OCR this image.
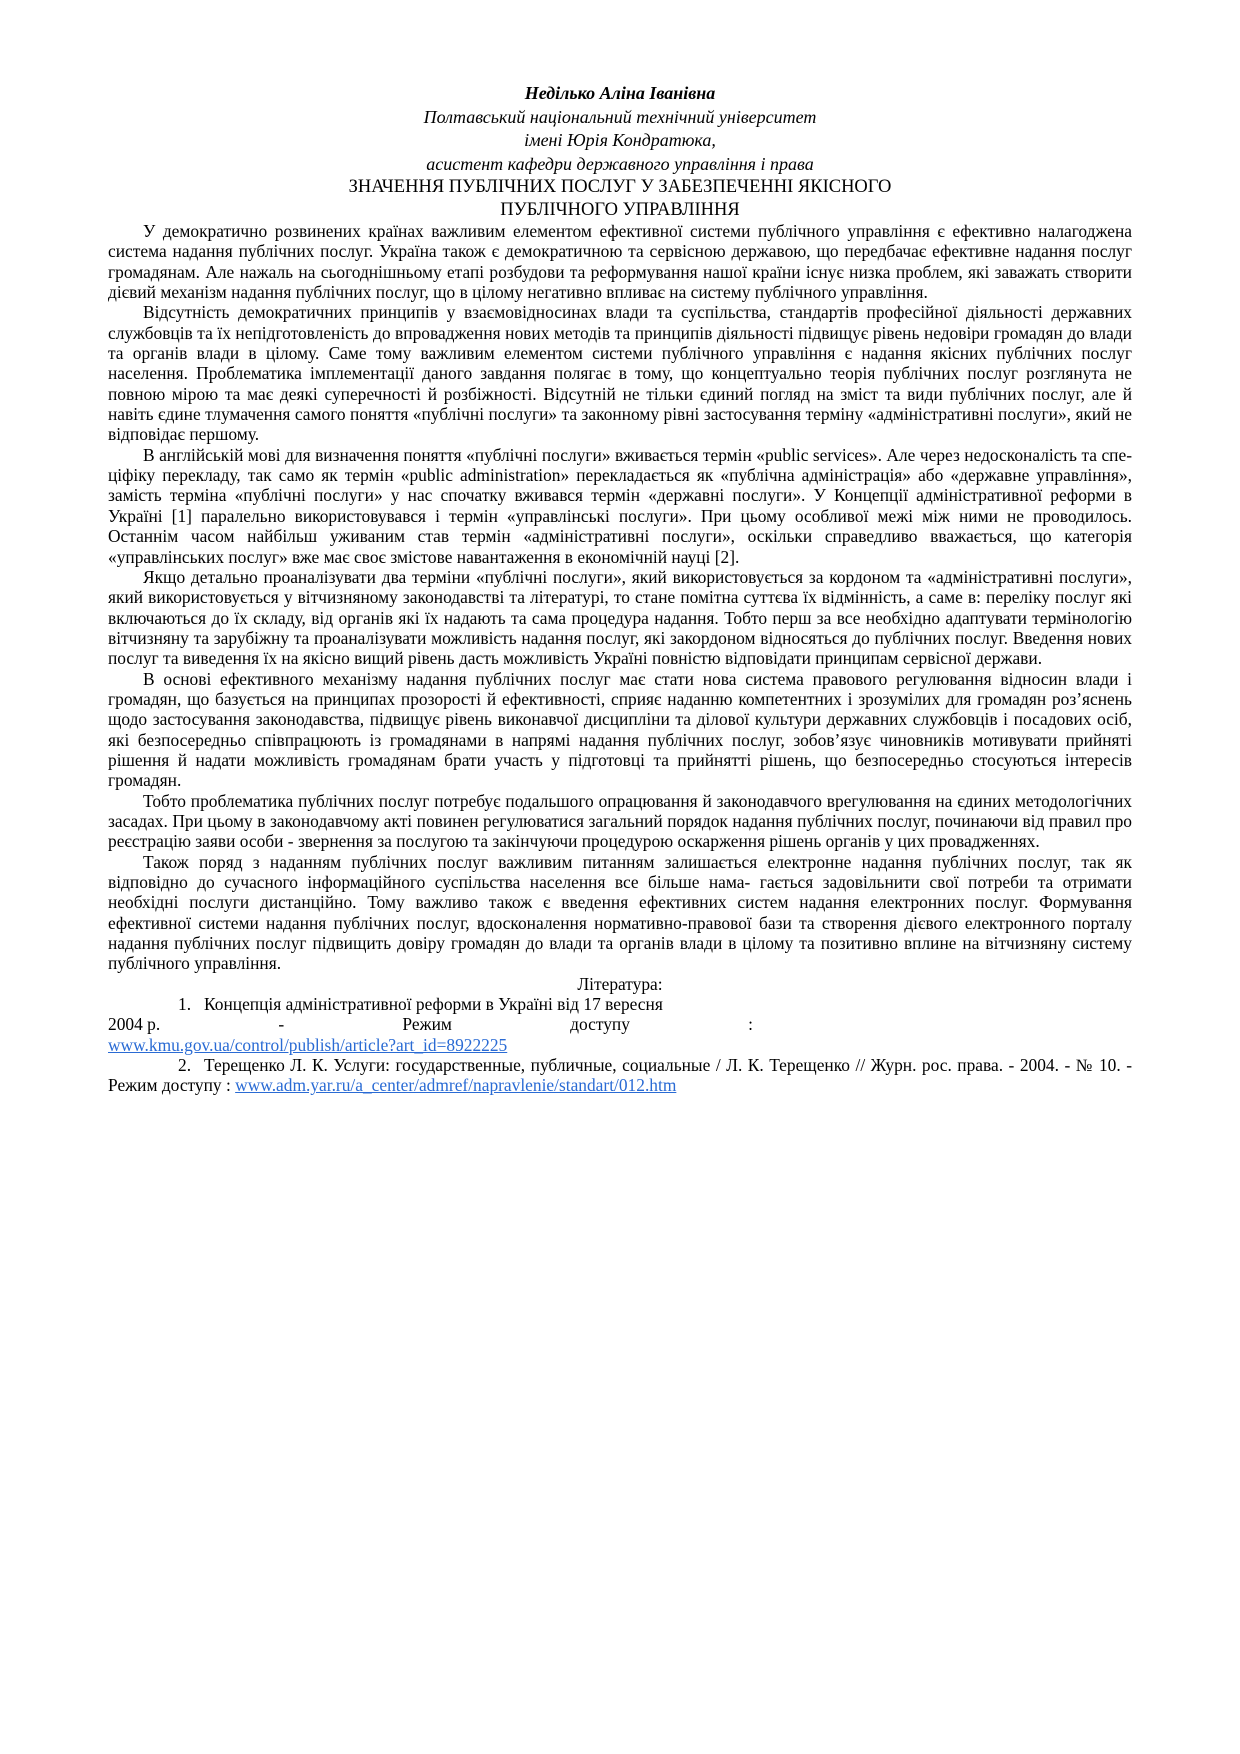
Неділько Аліна Іванівна

Полтавський національний технічний університет

імені Юрія Кондратюка,

асистент кафедри державного управління і права

ЗНАЧЕННЯ ПУБЛІЧНИХ ПОСЛУГ У ЗАБЕЗПЕЧЕННІ ЯКІСНОГО
ПУБЛІЧНОГО УПРАВЛІННЯ

У демократично розвинених країнах важливим елементом ефективної системи публічного управління є ефективно налагоджена система надання публічних послуг. Україна також є демократичною та сервісною державою, що передбачає ефективне надання послуг громадянам. Але нажаль на сьогоднішньому етапі розбудови та реформування нашої країни існує низка проблем, які заважать створити дієвий механізм надання публічних послуг, що в цілому негативно впливає на систему публічного управління.

Відсутність демократичних принципів у взаємовідносинах влади та суспільства, стандартів професійної діяльності державних службовців та їх непідготовленість до впровадження нових методів та принципів діяльності підвищує рівень недовіри громадян до влади та органів влади в цілому. Саме тому важливим елементом системи публічного управління є надання якісних публічних послуг населення. Проблематика імплементації даного завдання полягає в тому, що концептуально теорія публічних послуг розглянута не повною мірою та має деякі суперечності й розбіжності. Відсутній не тільки єдиний погляд на зміст та види публічних послуг, але й навіть єдине тлумачення самого поняття «публічні послуги» та законному рівні застосування терміну «адміністративні послуги», який не відповідає першому.

В англійській мові для визначення поняття «публічні послуги» вживається термін «public services». Але через недосконалість та спе- ціфіку перекладу, так само як термін «public administration» перекладається як «публічна адміністрація» або «державне управління», замість терміна «публічні послуги» у нас спочатку вживався термін «державні послуги». У Концепції адміністративної реформи в Україні [1] паралельно використовувався і термін «управлінські послуги». При цьому особливої межі між ними не проводилось. Останнім часом найбільш уживаним став термін «адміністративні послуги», оскільки справедливо вважається, що категорія «управлінських послуг» вже має своє змістове навантаження в економічній науці [2].

Якщо детально проаналізувати два терміни «публічні послуги», який використовується за кордоном та «адміністративні послуги», який використовується у вітчизняному законодавстві та літературі, то стане помітна суттєва їх відмінність, а саме в: переліку послуг які включаються до їх складу, від органів які їх надають та сама процедура надання. Тобто перш за все необхідно адаптувати термінологію вітчизняну та зарубіжну та проаналізувати можливість надання послуг, які закордоном відносяться до публічних послуг. Введення нових послуг та виведення їх на якісно вищий рівень дасть можливість Україні повністю відповідати принципам сервісної держави.

В основі ефективного механізму надання публічних послуг має стати нова система правового регулювання відносин влади і громадян, що базується на принципах прозорості й ефективності, сприяє наданню компетентних і зрозумілих для громадян роз’яснень щодо застосування законодавства, підвищує рівень виконавчої дисципліни та ділової культури державних службовців і посадових осіб, які безпосередньо співпрацюють із громадянами в напрямі надання публічних послуг, зобов’язує чиновників мотивувати прийняті рішення й надати можливість громадянам брати участь у підготовці та прийнятті рішень, що безпосередньо стосуються інтересів громадян.

Тобто проблематика публічних послуг потребує подальшого опрацювання й законодавчого врегулювання на єдиних методологічних засадах. При цьому в законодавчому акті повинен регулюватися загальний порядок надання публічних послуг, починаючи від правил про реєстрацію заяви особи - звернення за послугою та закінчуючи процедурою оскарження рішень органів у цих провадженнях.

Також поряд з наданням публічних послуг важливим питанням залишається електронне надання публічних послуг, так як відповідно до сучасного інформаційного суспільства населення все більше нама- гається задовільнити свої потреби та отримати необхідні послуги дистанційно. Тому важливо також є введення ефективних систем надання електронних послуг. Формування ефективної системи надання публічних послуг, вдосконалення нормативно-правової бази та створення дієвого електронного порталу надання публічних послуг підвищить довіру громадян до влади та органів влади в цілому та позитивно вплине на вітчизняну систему публічного управління.

Література:

1. Концепція адміністративної реформи в Україні від 17 вересня

2004 р.	-	Режим	доступу	:

www.kmu.gov.ua/control/publish/article?art_id=8922225

2. Терещенко Л. К. Услуги: государственные, публичные, социальные / Л. К. Терещенко // Журн. рос. права. - 2004. - № 10. - Режим доступу : www.adm.yar.ru/a_center/admref/napravlenie/standart/012.htm
